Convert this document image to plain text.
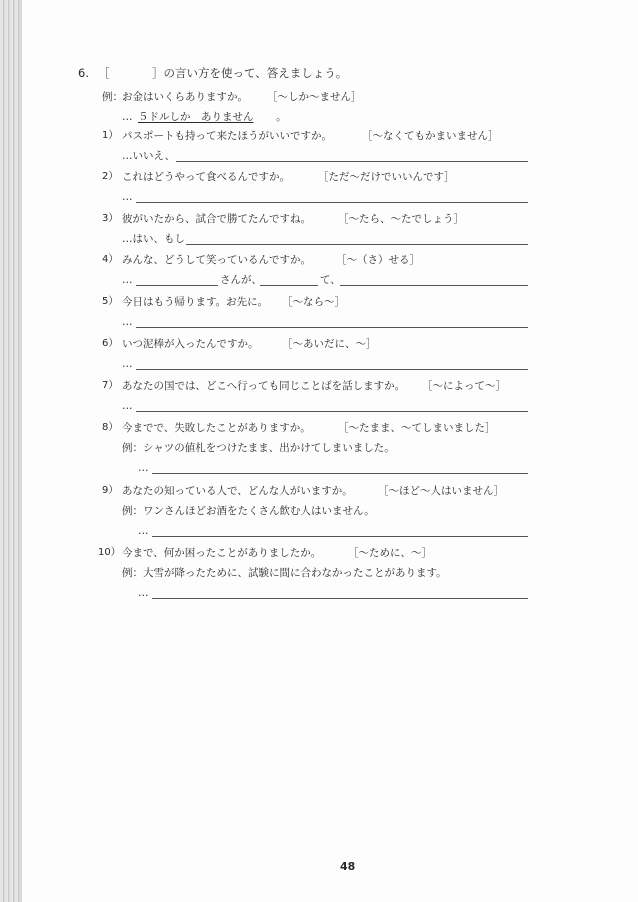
6. ［	］の言い方を使って、答えましょう。
例： お金はいくらありますか。 ［〜しか〜ません］
… ５ドルしか　ありません 。
1） パスポートも持って来たほうがいいですか。	［〜なくてもかまいません］
…いいえ、
2） これはどうやって食べるんですか。	［ただ〜だけでいいんです］
…
3） 彼がいたから、試合で勝てたんですね。	［〜たら、〜たでしょう］
…はい、もし
4） みんな、どうして笑っているんですか。 ［〜（さ）せる］
…	さんが、	て、
5） 今日はもう帰ります。お先に。 ［〜なら〜］
…
6） いつ泥棒が入ったんですか。 ［〜あいだに、〜］
…
7） あなたの国では、どこへ行っても同じことばを話しますか。 ［〜によって〜］
…
8） 今までで、失敗したことがありますか。	［〜たまま、〜てしまいました］
例：シャツの値札をつけたまま、出かけてしまいました。
…
9） あなたの知っている人で、どんな人がいますか。 ［〜ほど〜人はいません］
例：ワンさんほどお酒をたくさん飲む人はいません。
…
10） 今まで、何か困ったことがありましたか。	［〜ために、〜］
例：大雪が降ったために、試験に間に合わなかったことがあります。
…
48
